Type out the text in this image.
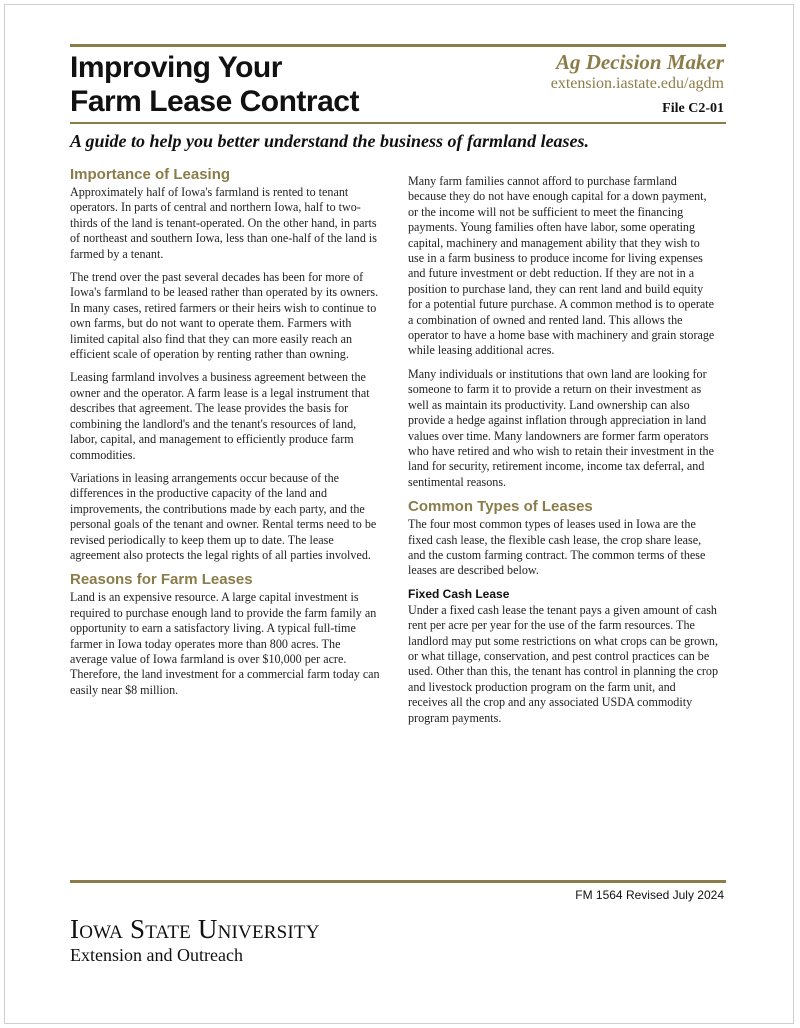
Improving Your
Farm Lease Contract
Ag Decision Maker
extension.iastate.edu/agdm
File C2-01
A guide to help you better understand the business of farmland leases.
Importance of Leasing

Approximately half of Iowa's farmland is rented to tenant operators. In parts of central and northern Iowa, half to two-thirds of the land is tenant-operated. On the other hand, in parts of northeast and southern Iowa, less than one-half of the land is farmed by a tenant.

The trend over the past several decades has been for more of Iowa's farmland to be leased rather than operated by its owners. In many cases, retired farmers or their heirs wish to continue to own farms, but do not want to operate them. Farmers with limited capital also find that they can more easily reach an efficient scale of operation by renting rather than owning.

Leasing farmland involves a business agreement between the owner and the operator. A farm lease is a legal instrument that describes that agreement. The lease provides the basis for combining the landlord's and the tenant's resources of land, labor, capital, and management to efficiently produce farm commodities.

Variations in leasing arrangements occur because of the differences in the productive capacity of the land and improvements, the contributions made by each party, and the personal goals of the tenant and owner. Rental terms need to be revised periodically to keep them up to date. The lease agreement also protects the legal rights of all parties involved.

Reasons for Farm Leases

Land is an expensive resource. A large capital investment is required to purchase enough land to provide the farm family an opportunity to earn a satisfactory living. A typical full-time farmer in Iowa today operates more than 800 acres. The average value of Iowa farmland is over $10,000 per acre. Therefore, the land investment for a commercial farm today can easily near $8 million.

Many farm families cannot afford to purchase farmland because they do not have enough capital for a down payment, or the income will not be sufficient to meet the financing payments. Young families often have labor, some operating capital, machinery and management ability that they wish to use in a farm business to produce income for living expenses and future investment or debt reduction. If they are not in a position to purchase land, they can rent land and build equity for a potential future purchase. A common method is to operate a combination of owned and rented land. This allows the operator to have a home base with machinery and grain storage while leasing additional acres.

Many individuals or institutions that own land are looking for someone to farm it to provide a return on their investment as well as maintain its productivity. Land ownership can also provide a hedge against inflation through appreciation in land values over time. Many landowners are former farm operators who have retired and who wish to retain their investment in the land for security, retirement income, income tax deferral, and sentimental reasons.

Common Types of Leases

The four most common types of leases used in Iowa are the fixed cash lease, the flexible cash lease, the crop share lease, and the custom farming contract. The common terms of these leases are described below.

Fixed Cash Lease

Under a fixed cash lease the tenant pays a given amount of cash rent per acre per year for the use of the farm resources. The landlord may put some restrictions on what crops can be grown, or what tillage, conservation, and pest control practices can be used. Other than this, the tenant has control in planning the crop and livestock production program on the farm unit, and receives all the crop and any associated USDA commodity program payments.

FM 1564 Revised July 2024
Iowa State University
Extension and Outreach
